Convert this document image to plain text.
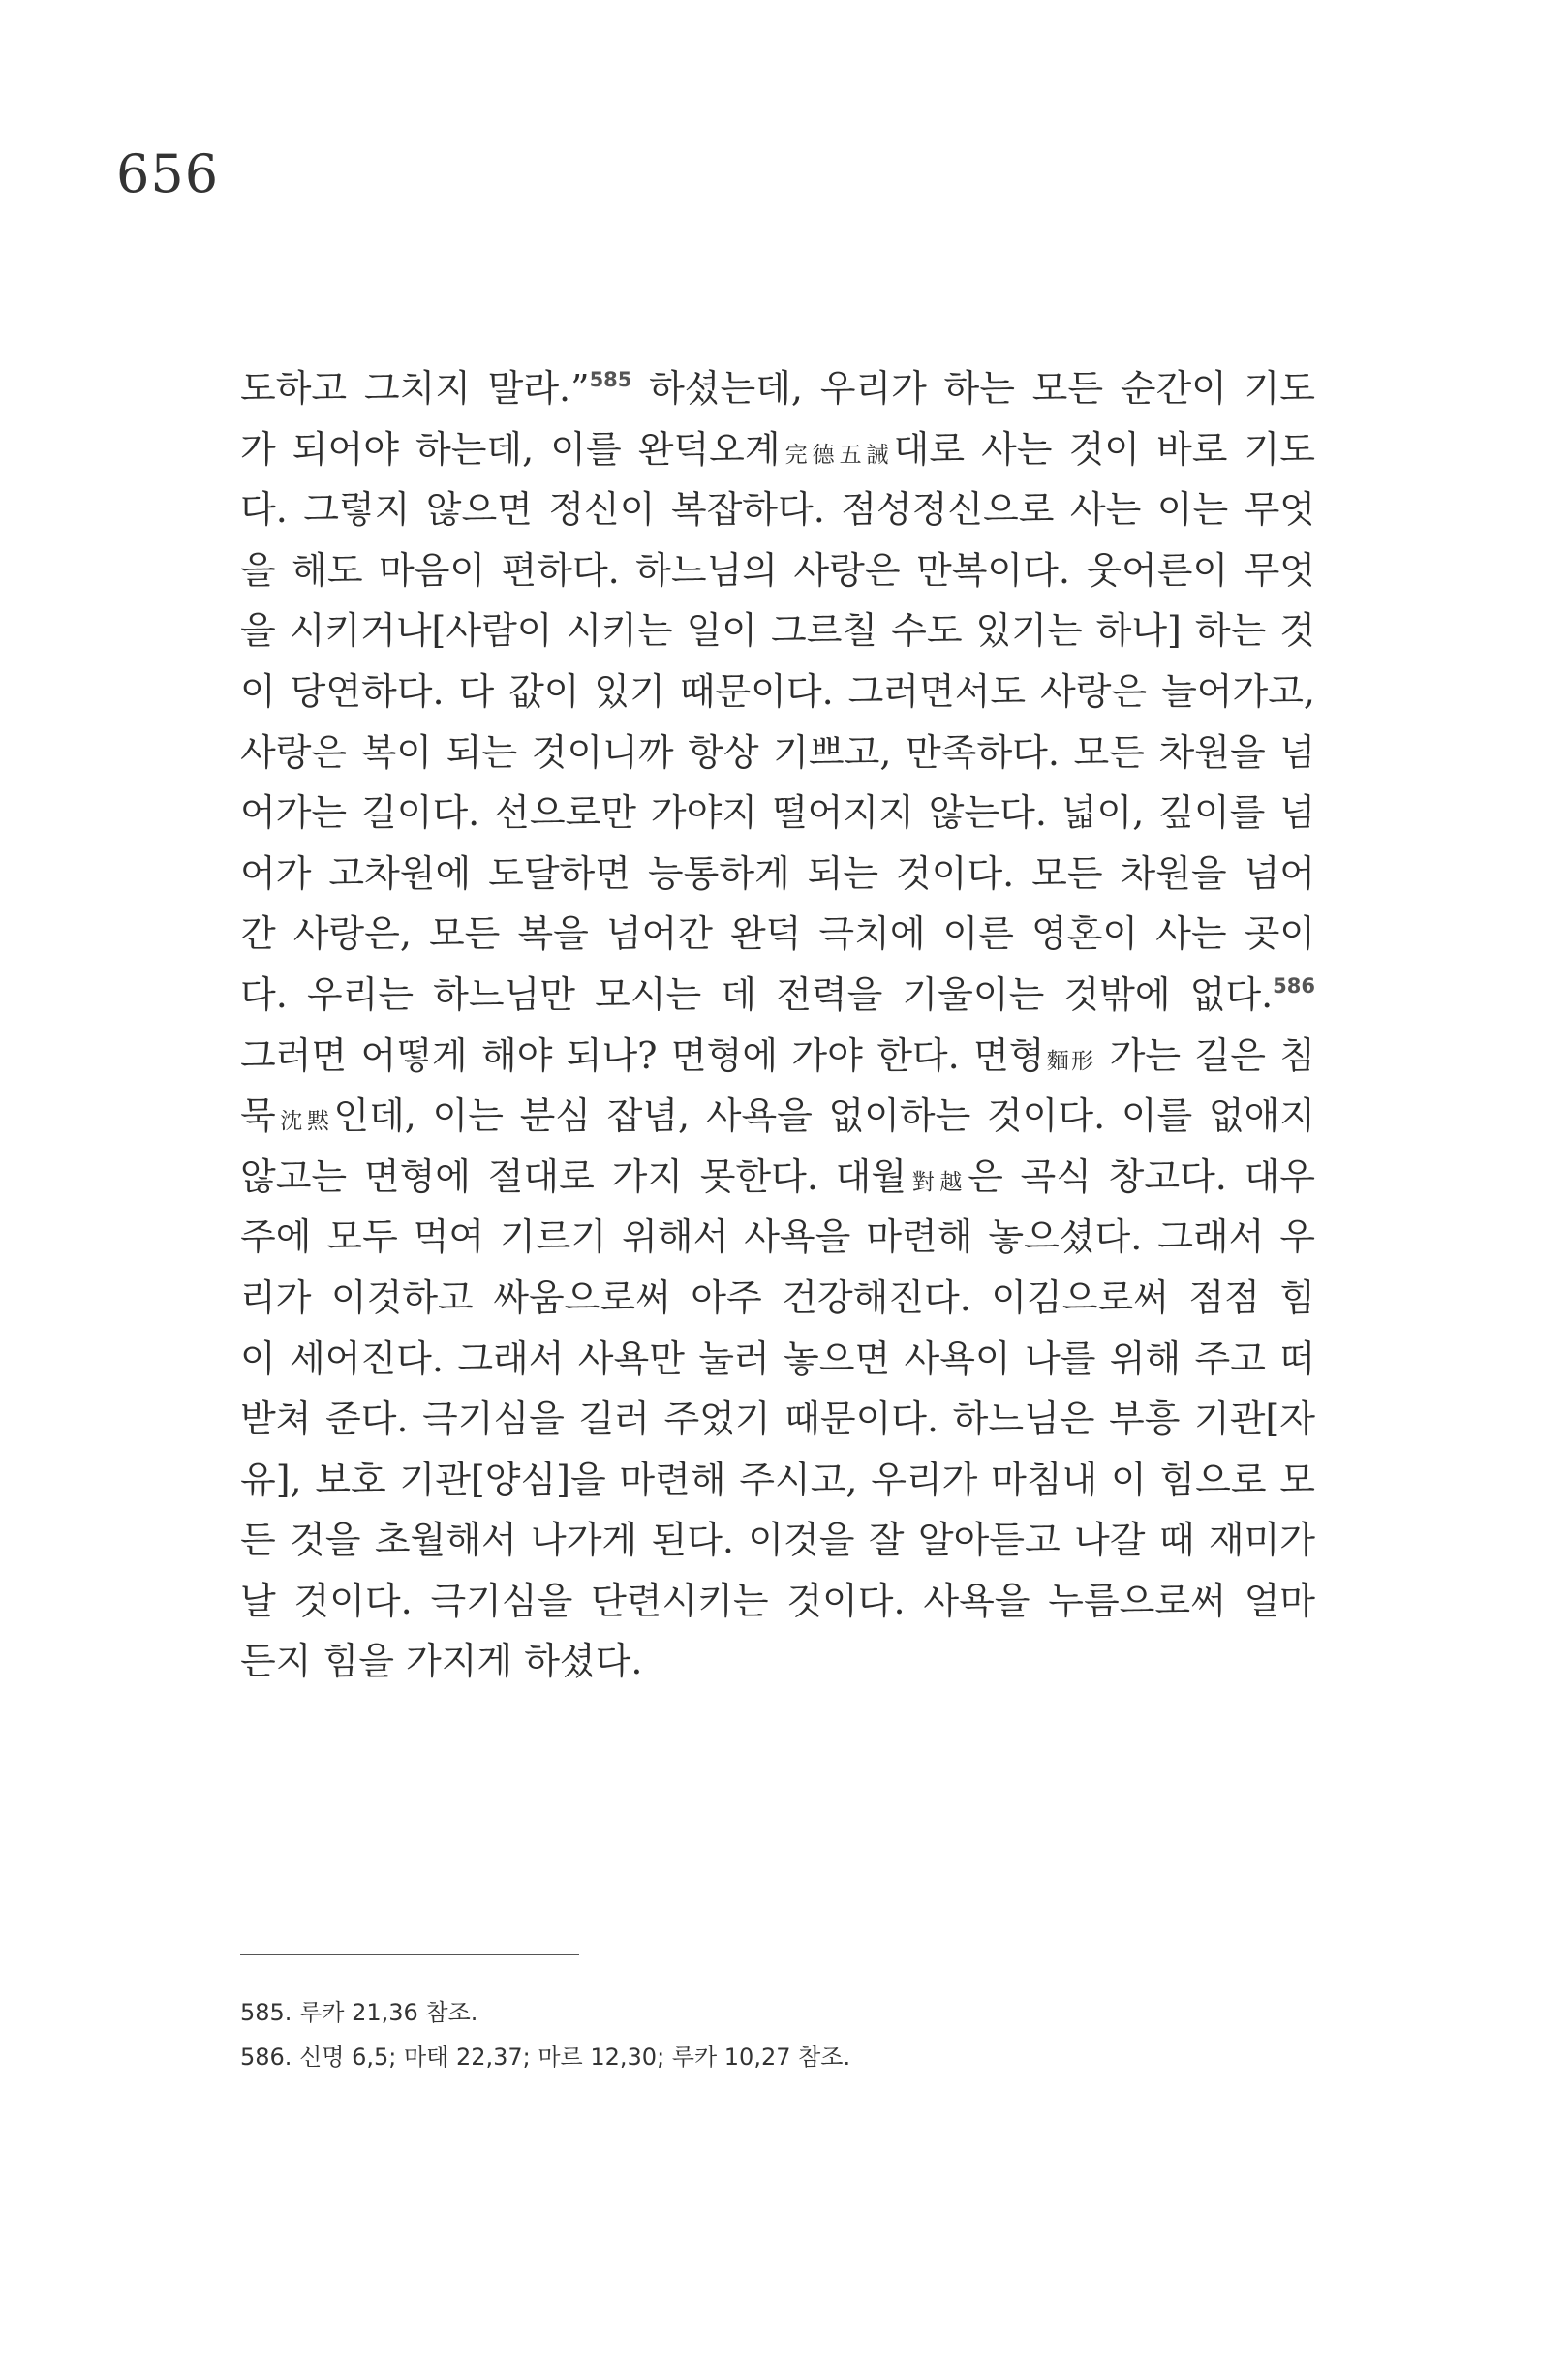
656
도하고 그치지 말라.”$^{585}$ 하셨는데, 우리가 하는 모든 순간이 기도
가 되어야 하는데, 이를 완덕오계完德五誡대로 사는 것이 바로 기도
다. 그렇지 않으면 정신이 복잡하다. 점성정신으로 사는 이는 무엇
을 해도 마음이 편하다. 하느님의 사랑은 만복이다. 웃어른이 무엇
을 시키거나[사람이 시키는 일이 그르칠 수도 있기는 하나] 하는 것
이 당연하다. 다 값이 있기 때문이다. 그러면서도 사랑은 늘어가고,
사랑은 복이 되는 것이니까 항상 기쁘고, 만족하다. 모든 차원을 넘
어가는 길이다. 선으로만 가야지 떨어지지 않는다. 넓이, 깊이를 넘
어가 고차원에 도달하면 능통하게 되는 것이다. 모든 차원을 넘어
간 사랑은, 모든 복을 넘어간 완덕 극치에 이른 영혼이 사는 곳이
다. 우리는 하느님만 모시는 데 전력을 기울이는 것밖에 없다.$^{586}$
그러면 어떻게 해야 되나? 면형에 가야 한다. 면형麵形 가는 길은 침
묵沈黙인데, 이는 분심 잡념, 사욕을 없이하는 것이다. 이를 없애지
않고는 면형에 절대로 가지 못한다. 대월對越은 곡식 창고다. 대우
주에 모두 먹여 기르기 위해서 사욕을 마련해 놓으셨다. 그래서 우
리가 이것하고 싸움으로써 아주 건강해진다. 이김으로써 점점 힘
이 세어진다. 그래서 사욕만 눌러 놓으면 사욕이 나를 위해 주고 떠
받쳐 준다. 극기심을 길러 주었기 때문이다. 하느님은 부흥 기관[자
유], 보호 기관[양심]을 마련해 주시고, 우리가 마침내 이 힘으로 모
든 것을 초월해서 나가게 된다. 이것을 잘 알아듣고 나갈 때 재미가
날 것이다. 극기심을 단련시키는 것이다. 사욕을 누름으로써 얼마
든지 힘을 가지게 하셨다.
585. 루카 21,36 참조.
586. 신명 6,5; 마태 22,37; 마르 12,30; 루카 10,27 참조.
